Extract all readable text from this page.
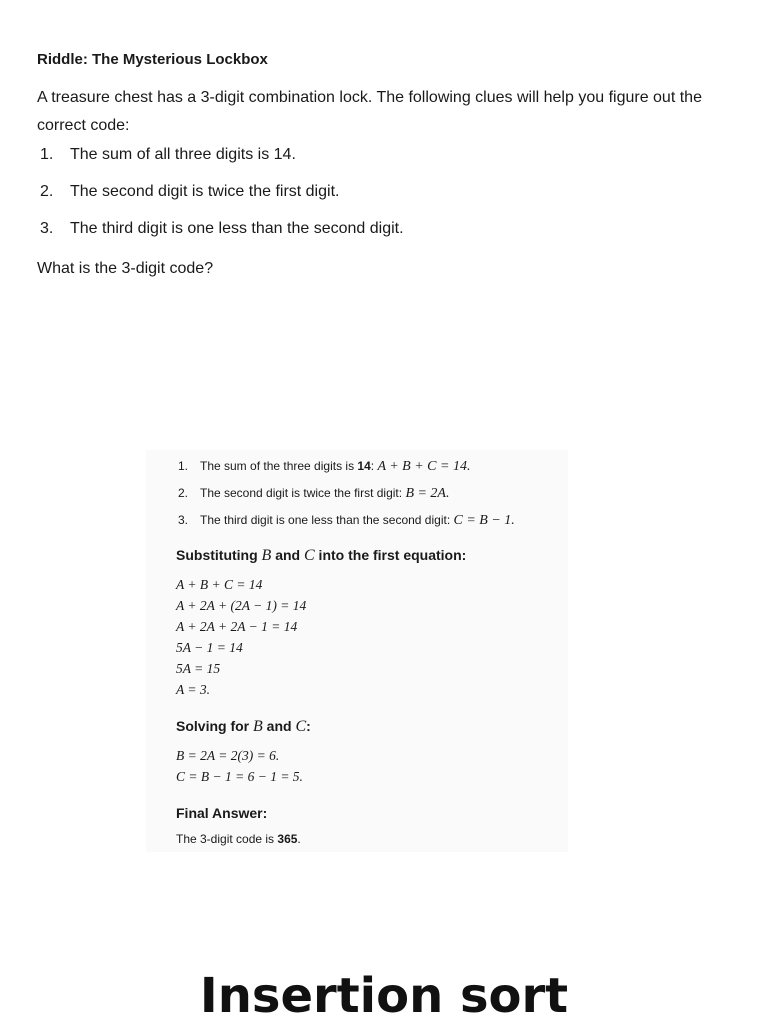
Riddle: The Mysterious Lockbox

A treasure chest has a 3-digit combination lock. The following clues will help you figure out the correct code:

1.	The sum of all three digits is 14.
2.	The second digit is twice the first digit.
3.	The third digit is one less than the second digit.

What is the 3-digit code?

1. The sum of the three digits is 14: A + B + C = 14.
2. The second digit is twice the first digit: B = 2A.
3. The third digit is one less than the second digit: C = B − 1.

Substituting B and C into the first equation:

A + B + C = 14

A + 2A + (2A − 1) = 14

A + 2A + 2A − 1 = 14

5A − 1 = 14

5A = 15

A = 3.

Solving for B and C:

B = 2A = 2(3) = 6.

C = B − 1 = 6 − 1 = 5.

Final Answer:

The 3-digit code is 365.

Insertion sort
